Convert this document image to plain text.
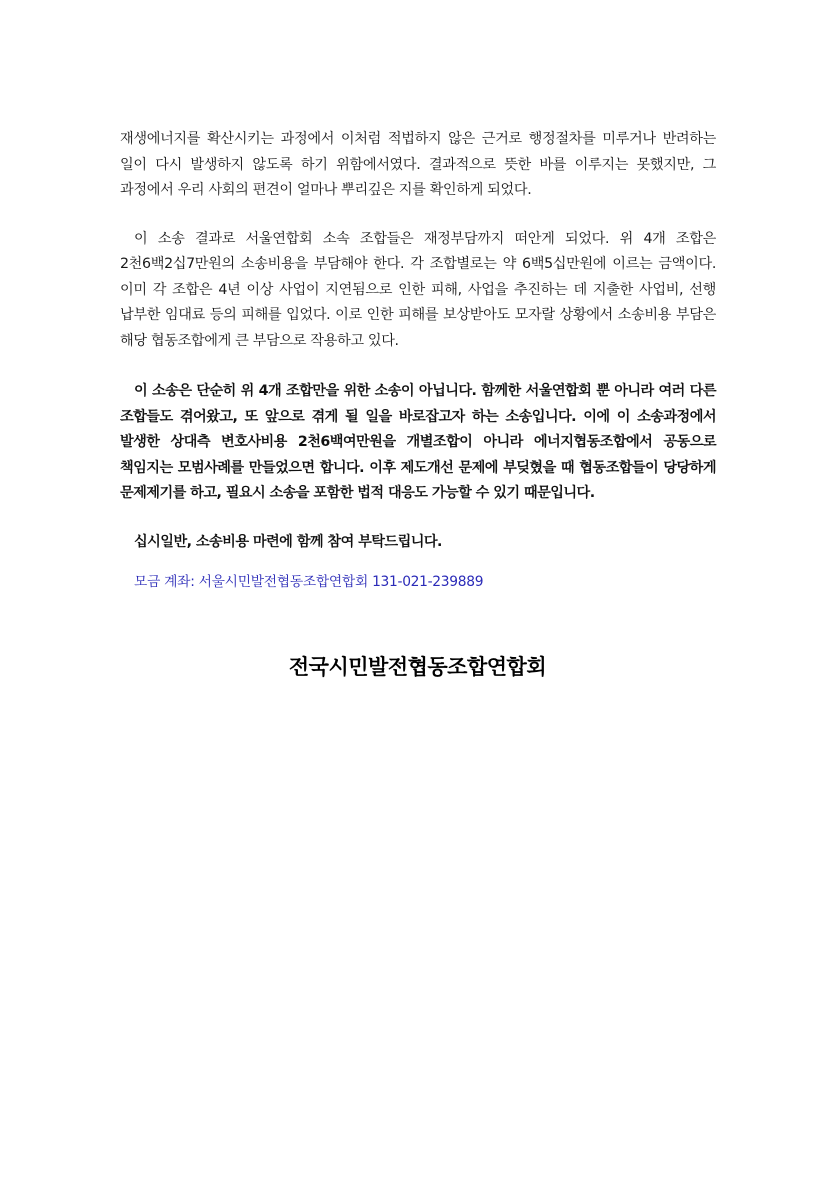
재생에너지를 확산시키는 과정에서 이처럼 적법하지 않은 근거로 행정절차를 미루거나 반려하는 일이 다시 발생하지 않도록 하기 위함에서였다. 결과적으로 뜻한 바를 이루지는 못했지만, 그 과정에서 우리 사회의 편견이 얼마나 뿌리깊은 지를 확인하게 되었다.

이 소송 결과로 서울연합회 소속 조합들은 재정부담까지 떠안게 되었다. 위 4개 조합은 2천6백2십7만원의 소송비용을 부담해야 한다. 각 조합별로는 약 6백5십만원에 이르는 금액이다. 이미 각 조합은 4년 이상 사업이 지연됨으로 인한 피해, 사업을 추진하는 데 지출한 사업비, 선행 납부한 임대료 등의 피해를 입었다. 이로 인한 피해를 보상받아도 모자랄 상황에서 소송비용 부담은 해당 협동조합에게 큰 부담으로 작용하고 있다.

이 소송은 단순히 위 4개 조합만을 위한 소송이 아닙니다. 함께한 서울연합회 뿐 아니라 여러 다른 조합들도 겪어왔고, 또 앞으로 겪게 될 일을 바로잡고자 하는 소송입니다. 이에 이 소송과정에서 발생한 상대측 변호사비용 2천6백여만원을 개별조합이 아니라 에너지협동조합에서 공동으로 책임지는 모범사례를 만들었으면 합니다. 이후 제도개선 문제에 부딪혔을 때 협동조합들이 당당하게 문제제기를 하고, 필요시 소송을 포함한 법적 대응도 가능할 수 있기 때문입니다.

십시일반, 소송비용 마련에 함께 참여 부탁드립니다.

모금 계좌: 서울시민발전협동조합연합회 131-021-239889

전국시민발전협동조합연합회
